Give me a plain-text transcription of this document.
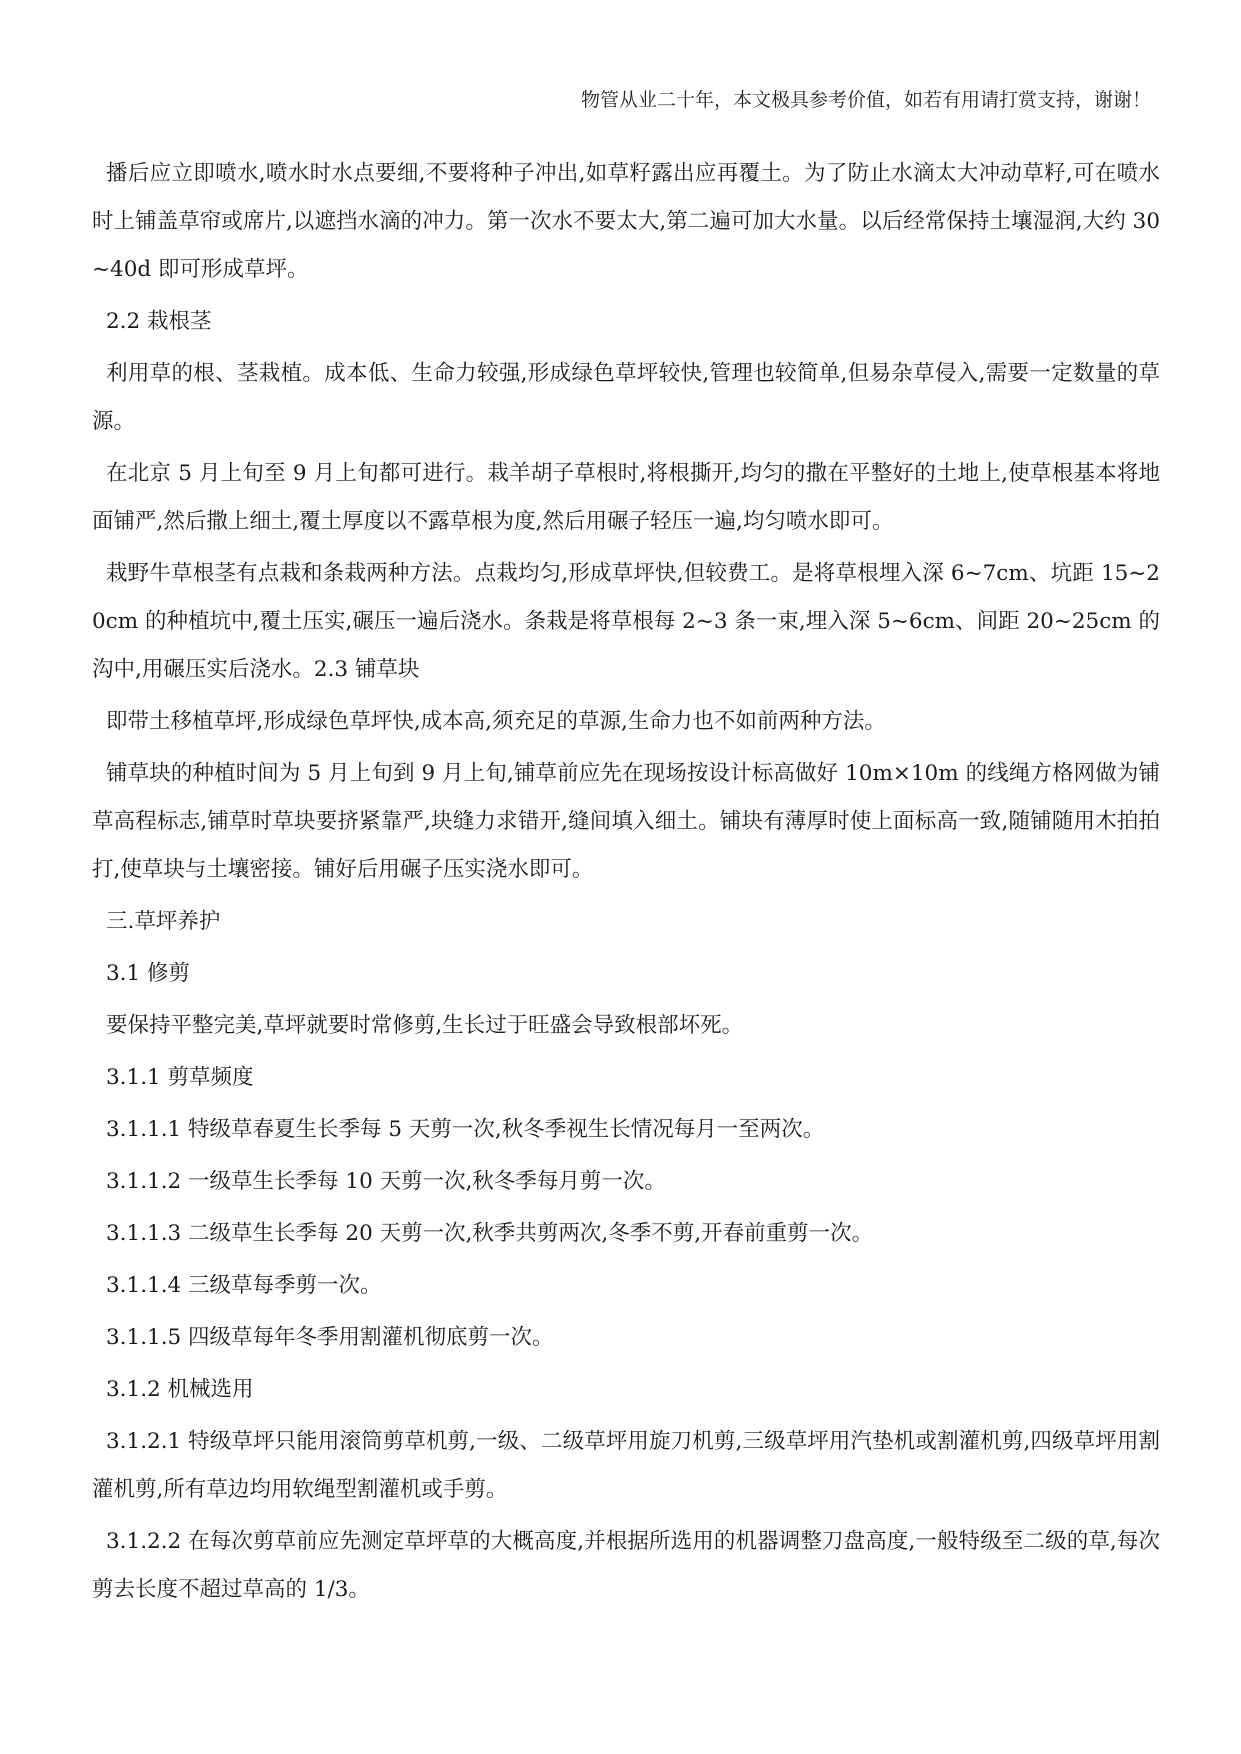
物管从业二十年，本文极具参考价值，如若有用请打赏支持，谢谢！

播后应立即喷水,喷水时水点要细,不要将种子冲出,如草籽露出应再覆土。为了防止水滴太大冲动草籽,可在喷水时上铺盖草帘或席片,以遮挡水滴的冲力。第一次水不要太大,第二遍可加大水量。以后经常保持土壤湿润,大约 30~40d 即可形成草坪。

2.2 栽根茎

利用草的根、茎栽植。成本低、生命力较强,形成绿色草坪较快,管理也较简单,但易杂草侵入,需要一定数量的草源。

在北京 5 月上旬至 9 月上旬都可进行。栽羊胡子草根时,将根撕开,均匀的撒在平整好的土地上,使草根基本将地面铺严,然后撒上细土,覆土厚度以不露草根为度,然后用碾子轻压一遍,均匀喷水即可。

栽野牛草根茎有点栽和条栽两种方法。点栽均匀,形成草坪快,但较费工。是将草根埋入深 6~7cm、坑距 15~20cm 的种植坑中,覆土压实,碾压一遍后浇水。条栽是将草根每 2~3 条一束,埋入深 5~6cm、间距 20~25cm 的沟中,用碾压实后浇水。2.3 铺草块

即带土移植草坪,形成绿色草坪快,成本高,须充足的草源,生命力也不如前两种方法。

铺草块的种植时间为 5 月上旬到 9 月上旬,铺草前应先在现场按设计标高做好 10m×10m 的线绳方格网做为铺草高程标志,铺草时草块要挤紧靠严,块缝力求错开,缝间填入细土。铺块有薄厚时使上面标高一致,随铺随用木拍拍打,使草块与土壤密接。铺好后用碾子压实浇水即可。

三.草坪养护

3.1 修剪

要保持平整完美,草坪就要时常修剪,生长过于旺盛会导致根部坏死。

3.1.1 剪草频度

3.1.1.1 特级草春夏生长季每 5 天剪一次,秋冬季视生长情况每月一至两次。

3.1.1.2 一级草生长季每 10 天剪一次,秋冬季每月剪一次。

3.1.1.3 二级草生长季每 20 天剪一次,秋季共剪两次,冬季不剪,开春前重剪一次。

3.1.1.4 三级草每季剪一次。

3.1.1.5 四级草每年冬季用割灌机彻底剪一次。

3.1.2 机械选用

3.1.2.1 特级草坪只能用滚筒剪草机剪,一级、二级草坪用旋刀机剪,三级草坪用汽垫机或割灌机剪,四级草坪用割灌机剪,所有草边均用软绳型割灌机或手剪。

3.1.2.2 在每次剪草前应先测定草坪草的大概高度,并根据所选用的机器调整刀盘高度,一般特级至二级的草,每次剪去长度不超过草高的 1/3。
